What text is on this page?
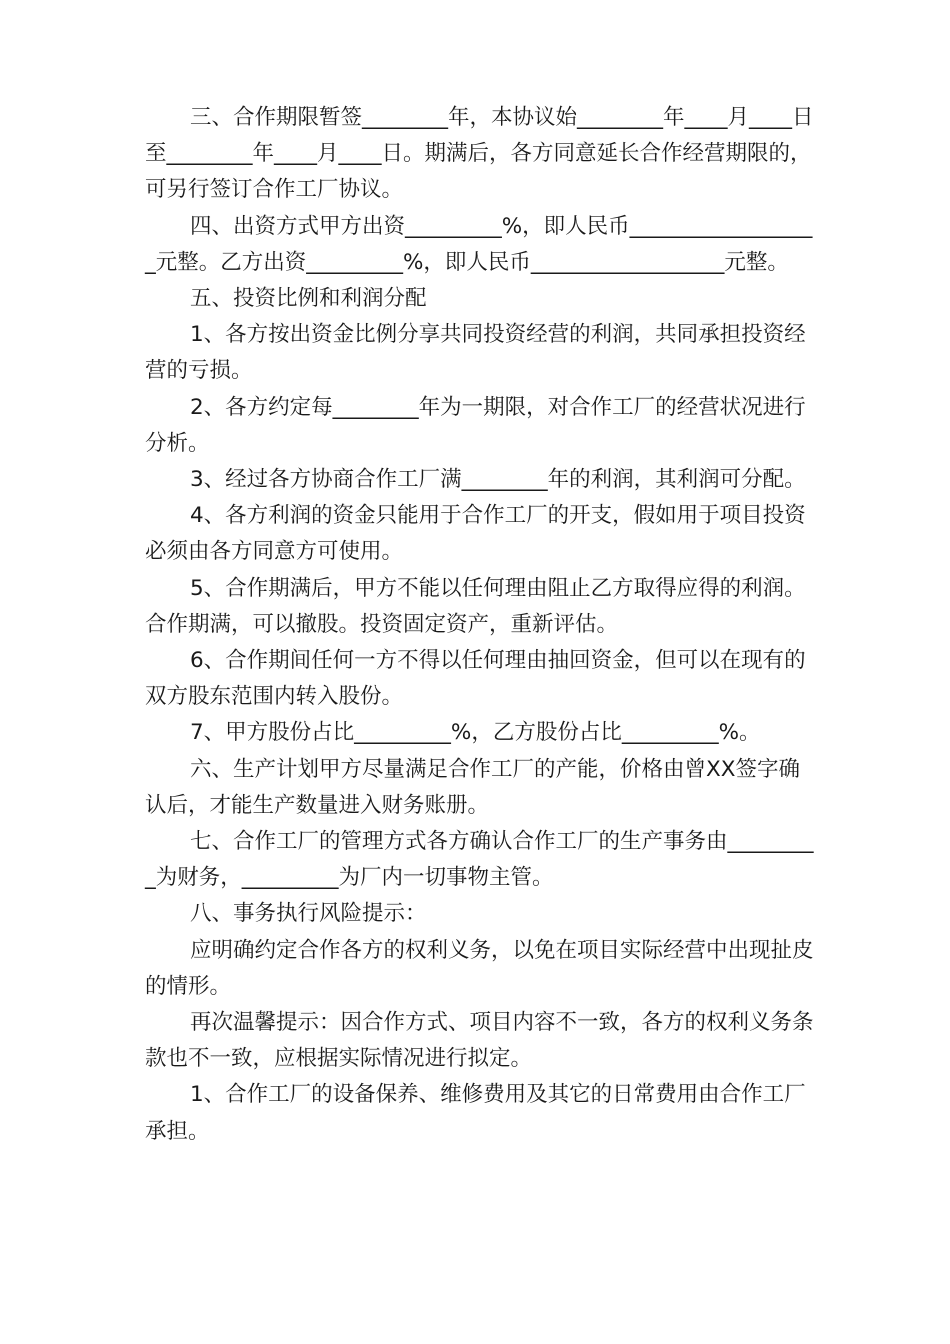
三、合作期限暂签________年，本协议始________年____月____日至________年____月____日。期满后，各方同意延长合作经营期限的，可另行签订合作工厂协议。

四、出资方式甲方出资_________%，即人民币__________________元整。乙方出资_________%，即人民币__________________元整。

五、投资比例和利润分配

1、各方按出资金比例分享共同投资经营的利润，共同承担投资经营的亏损。

2、各方约定每________年为一期限，对合作工厂的经营状况进行分析。

3、经过各方协商合作工厂满________年的利润，其利润可分配。

4、各方利润的资金只能用于合作工厂的开支，假如用于项目投资必须由各方同意方可使用。

5、合作期满后，甲方不能以任何理由阻止乙方取得应得的利润。合作期满，可以撤股。投资固定资产，重新评估。

6、合作期间任何一方不得以任何理由抽回资金，但可以在现有的双方股东范围内转入股份。

7、甲方股份占比_________%，乙方股份占比_________%。

六、生产计划甲方尽量满足合作工厂的产能，价格由曾XX签字确认后，才能生产数量进入财务账册。

七、合作工厂的管理方式各方确认合作工厂的生产事务由_________为财务，_________为厂内一切事物主管。

八、事务执行风险提示：

应明确约定合作各方的权利义务，以免在项目实际经营中出现扯皮的情形。

再次温馨提示：因合作方式、项目内容不一致，各方的权利义务条款也不一致，应根据实际情况进行拟定。

1、合作工厂的设备保养、维修费用及其它的日常费用由合作工厂承担。
